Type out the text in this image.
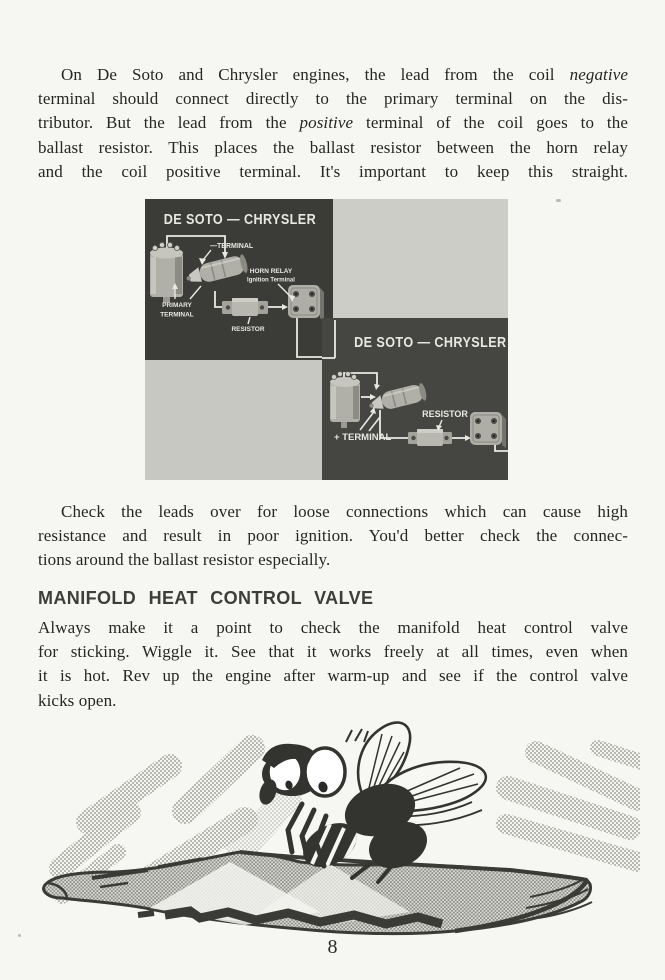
On De Soto and Chrysler engines, the lead from the coil negative
terminal should connect directly to the primary terminal on the dis-
tributor. But the lead from the positive terminal of the coil goes to the
ballast resistor. This places the ballast resistor between the horn relay
and the coil positive terminal. It's important to keep this straight.
DE SOTO — CHRYSLER
—TERMINAL
HORN RELAY
Ignition Terminal
PRIMARY
TERMINAL
RESISTOR
DE SOTO — CHRYSLER
+ TERMINAL
RESISTOR
Check the leads over for loose connections which can cause high
resistance and result in poor ignition. You'd better check the connec-
tions around the ballast resistor especially.
MANIFOLD HEAT CONTROL VALVE
Always make it a point to check the manifold heat control valve
for sticking. Wiggle it. See that it works freely at all times, even when
it is hot. Rev up the engine after warm-up and see if the control valve
kicks open.
8
